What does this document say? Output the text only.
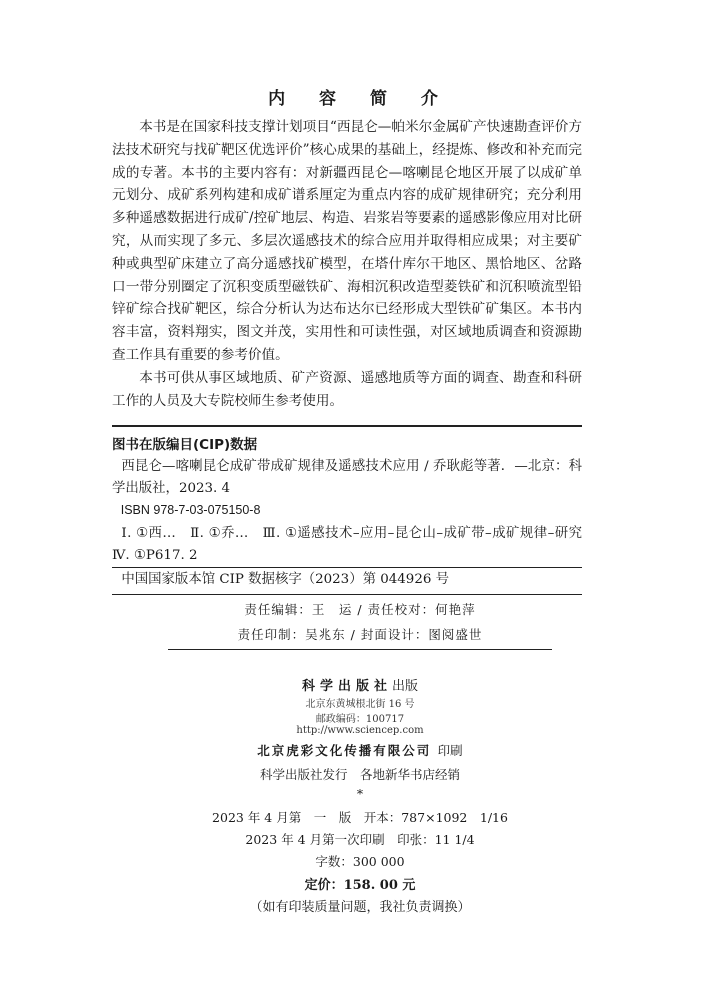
内 容 简 介

本书是在国家科技支撑计划项目“西昆仑—帕米尔金属矿产快速勘查评价方法技术研究与找矿靶区优选评价”核心成果的基础上，经提炼、修改和补充而完成的专著。本书的主要内容有：对新疆西昆仑—喀喇昆仑地区开展了以成矿单元划分、成矿系列构建和成矿谱系厘定为重点内容的成矿规律研究；充分利用多种遥感数据进行成矿/控矿地层、构造、岩浆岩等要素的遥感影像应用对比研究，从而实现了多元、多层次遥感技术的综合应用并取得相应成果；对主要矿种或典型矿床建立了高分遥感找矿模型，在塔什库尔干地区、黑恰地区、岔路口一带分别圈定了沉积变质型磁铁矿、海相沉积改造型菱铁矿和沉积喷流型铅锌矿综合找矿靶区，综合分析认为达布达尔已经形成大型铁矿矿集区。本书内容丰富，资料翔实，图文并茂，实用性和可读性强，对区域地质调查和资源勘查工作具有重要的参考价值。

本书可供从事区域地质、矿产资源、遥感地质等方面的调查、勘查和科研工作的人员及大专院校师生参考使用。

图书在版编目(CIP)数据
西昆仑—喀喇昆仑成矿带成矿规律及遥感技术应用 / 乔耿彪等著．—北京：科学出版社，2023. 4
ISBN 978-7-03-075150-8
Ⅰ. ①西…　Ⅱ. ①乔…　Ⅲ. ①遥感技术–应用–昆仑山–成矿带–成矿规律–研究　Ⅳ. ①P617. 2
中国国家版本馆 CIP 数据核字（2023）第 044926 号
责任编辑：王　运 / 责任校对：何艳萍
责任印制：吴兆东 / 封面设计：图阅盛世
科学出版社出版
北京东黄城根北街 16 号
邮政编码：100717
http://www.sciencep.com
北京虎彩文化传播有限公司 印刷
科学出版社发行　各地新华书店经销
*
2023 年 4 月第　一　版　开本：787×1092　1/16
2023 年 4 月第一次印刷　印张：11 1/4
字数：300 000
定价：158. 00 元
（如有印装质量问题，我社负责调换）
